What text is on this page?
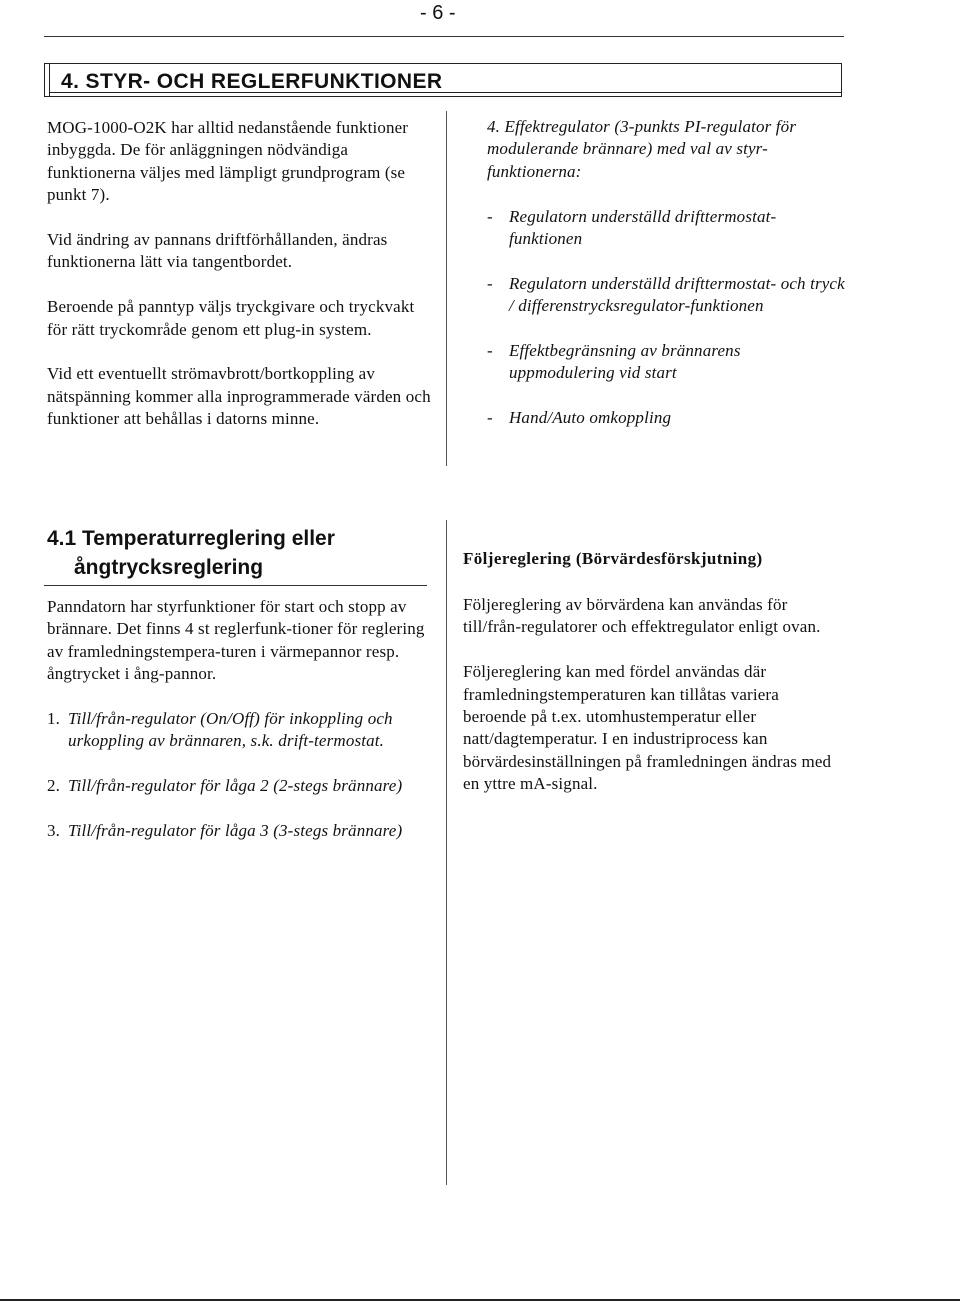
- 6 -
4. STYR- OCH REGLERFUNKTIONER

MOG-1000-O2K har alltid nedanstående funktioner inbyggda. De för anläggningen nödvändiga funktionerna väljes med lämpligt grundprogram (se punkt 7).

Vid ändring av pannans driftförhållanden, ändras funktionerna lätt via tangentbordet.

Beroende på panntyp väljs tryckgivare och tryckvakt för rätt tryckområde genom ett plug-in system.

Vid ett eventuellt strömavbrott/bortkoppling av nätspänning kommer alla inprogrammerade värden och funktioner att behållas i datorns minne.

4. Effektregulator (3-punkts PI-regulator för modulerande brännare) med val av styr-funktionerna:

- Regulatorn underställd drifttermostat-funktionen
- Regulatorn underställd drifttermostat- och tryck / differenstrycksregulator-funktionen
- Effektbegränsning av brännarens uppmodulering vid start
- Hand/Auto omkoppling
4.1 Temperaturreglering eller
ångtrycksreglering

Panndatorn har styrfunktioner för start och stopp av brännare. Det finns 4 st reglerfunk-tioner för reglering av framledningstempera-turen i värmepannor resp. ångtrycket i ång-pannor.

1. Till/från-regulator (On/Off) för inkoppling och urkoppling av brännaren, s.k. drift-termostat.
2. Till/från-regulator för låga 2 (2-stegs brännare)
3. Till/från-regulator för låga 3 (3-stegs brännare)
Följereglering (Börvärdesförskjutning)

Följereglering av börvärdena kan användas för till/från-regulatorer och effektregulator enligt ovan.

Följereglering kan med fördel användas där framledningstemperaturen kan tillåtas variera beroende på t.ex. utomhustemperatur eller natt/dagtemperatur. I en industriprocess kan börvärdesinställningen på framledningen ändras med en yttre mA-signal.
